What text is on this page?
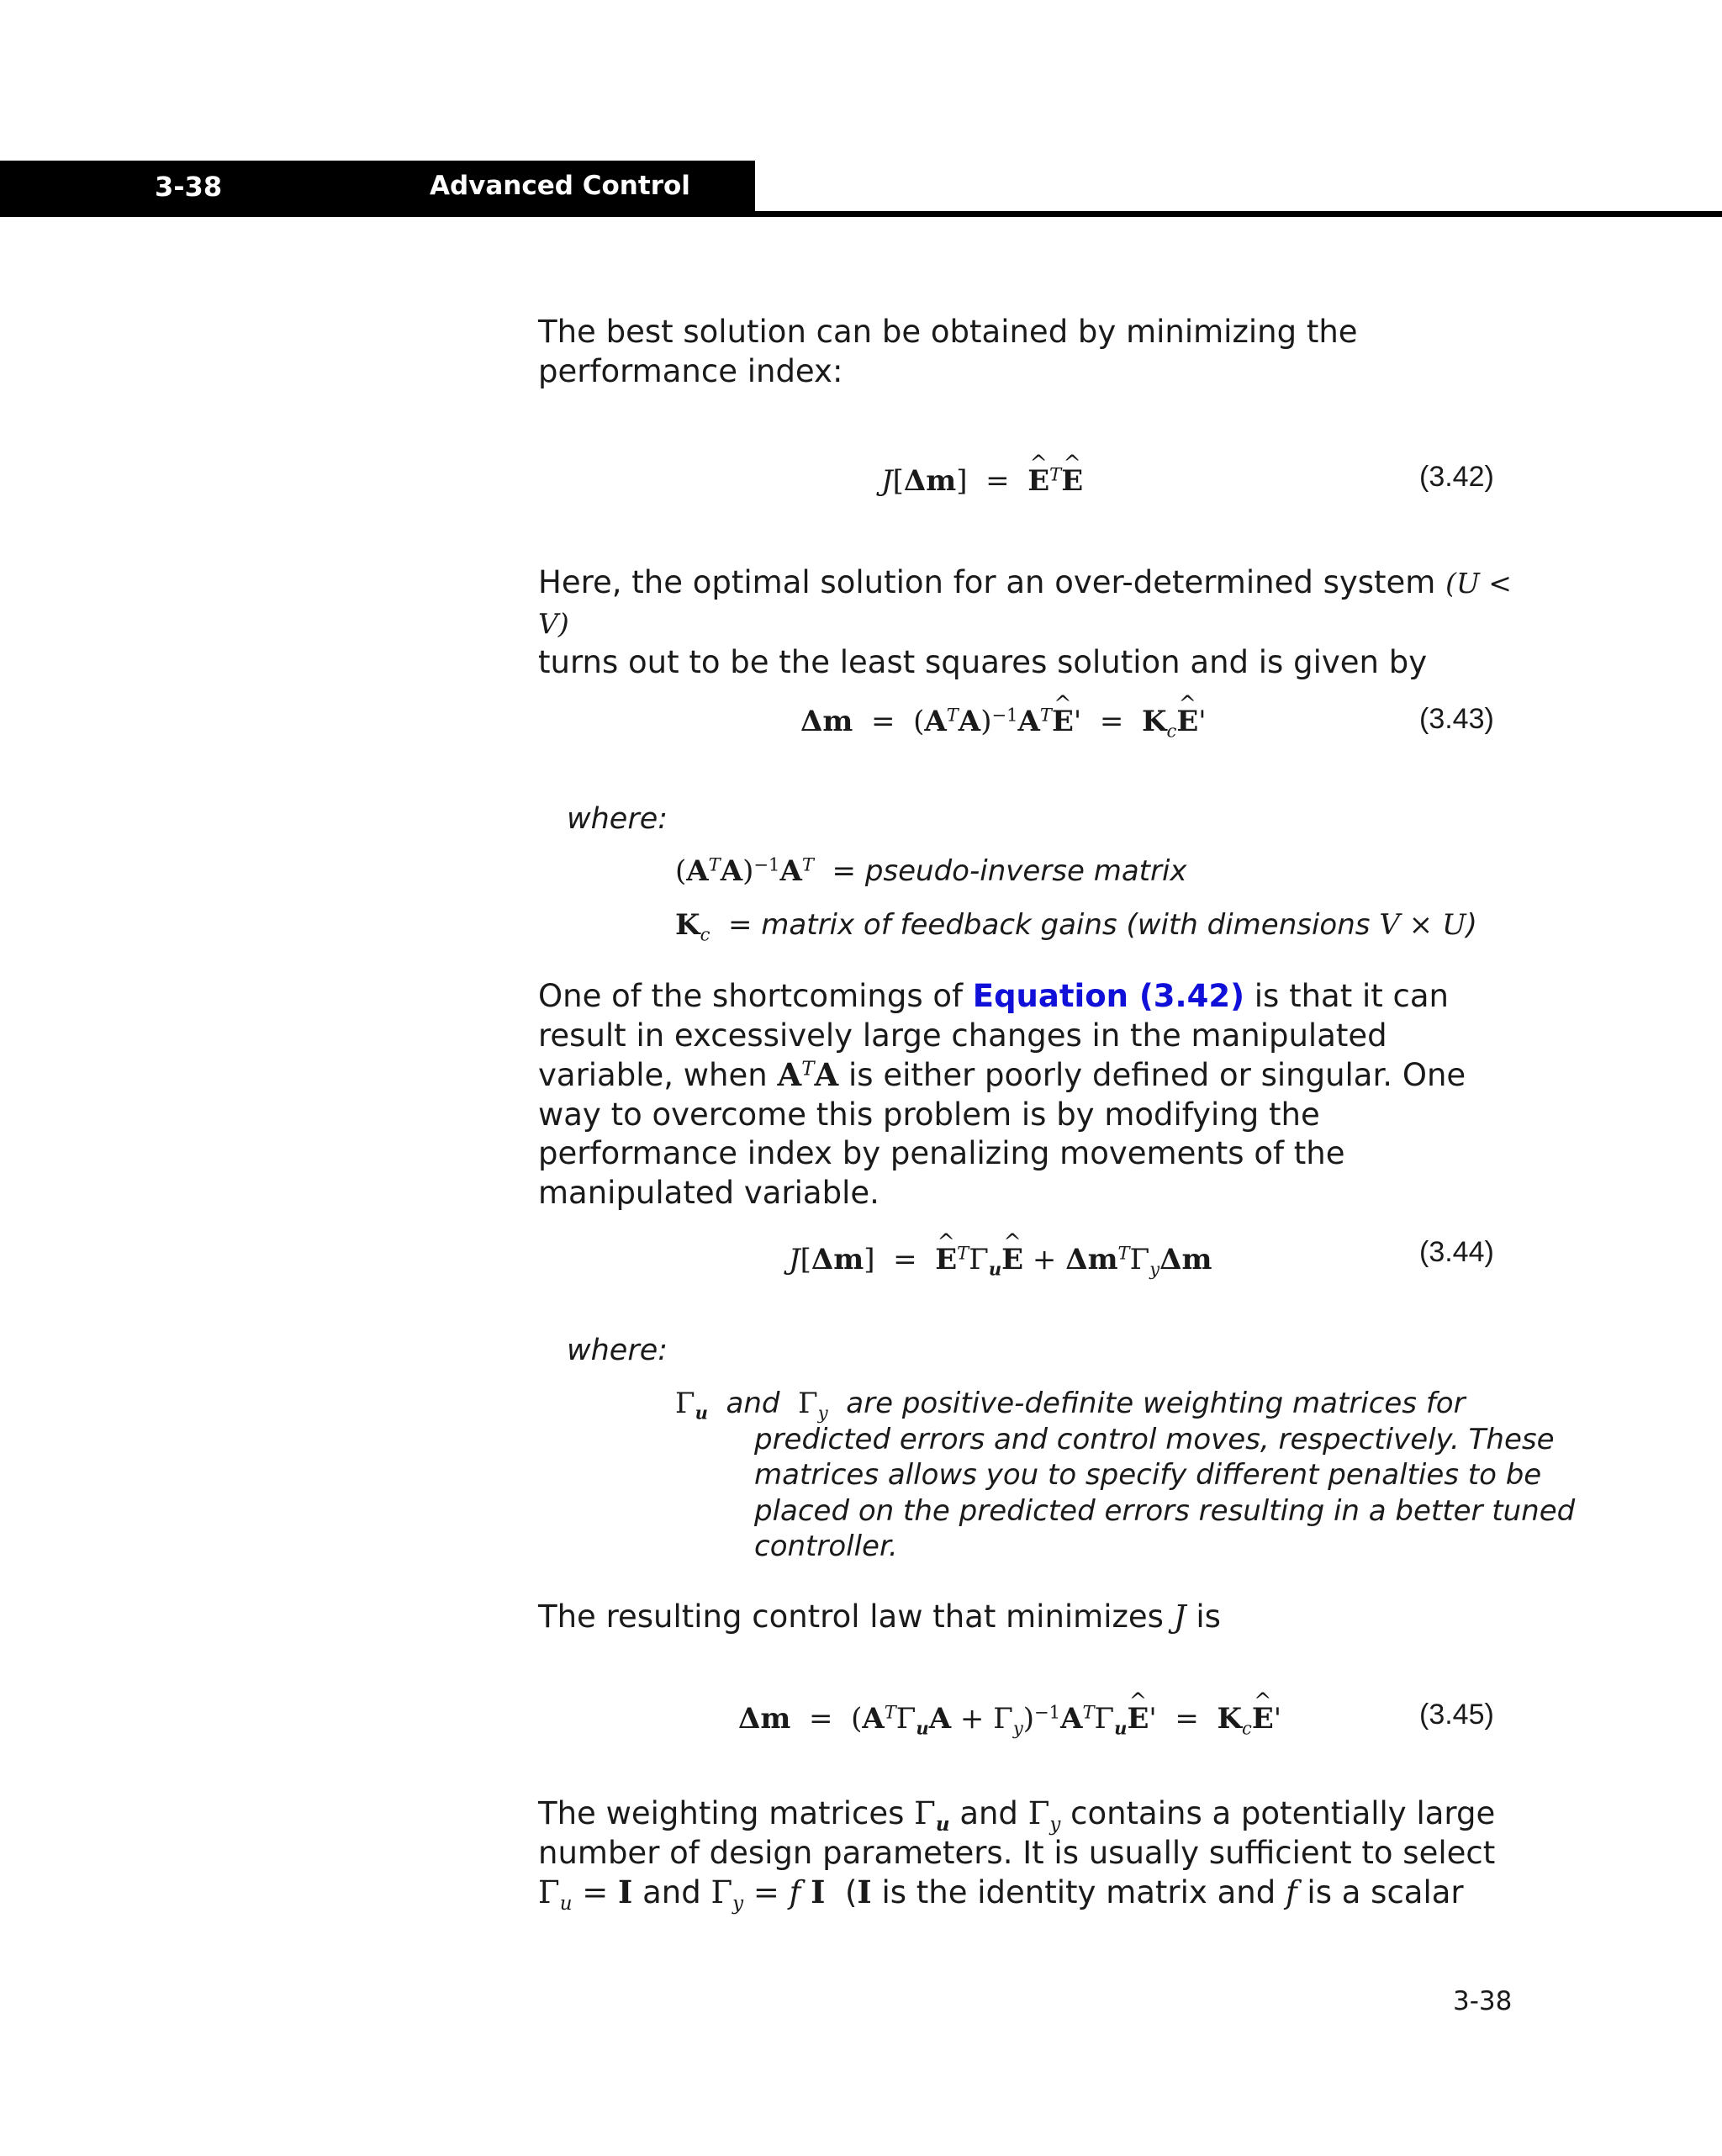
3-38	Advanced Control

The best solution can be obtained by minimizing the performance index:

J[Δm]  =  ^ $E^T\^{}$ E	(3.42)

Here, the optimal solution for an over-determined system (U < V)
turns out to be the least squares solution and is given by

$\Delta m = (A^TA)^{-1}A^T\^{}$ $E' = K_c\^{}$ E'	(3.43)
where:
$(A^TA)^{-1}A^T$ = pseudo-inverse matrix
$K_c$ = matrix of feedback gains (with dimensions V × U)

One of the shortcomings of Equation (3.42) is that it can result in excessively large changes in the manipulated variable, when $A^TA$ is either poorly defined or singular. One way to overcome this problem is by modifying the performance index by penalizing movements of the manipulated variable.

J[Δm]  =  ^ $E^T\Gamma_u\^{}$ $E + \Delta m^T\Gamma_y\Delta m$	(3.44)
where:

$\Gamma_u$ and $\Gamma_y$ are positive-definite weighting matrices for predicted errors and control moves, respectively. These matrices allows you to specify different penalties to be placed on the predicted errors resulting in a better tuned controller.

The resulting control law that minimizes J is

$\Delta m = (A^T\Gamma_uA$ + $\Gamma_y)^{-1}A^T\Gamma_u\^{}$ $E' = K_c\^{}$ E'	(3.45)

The weighting matrices $\Gamma_u$ and $\Gamma_y$ contains a potentially large number of design parameters. It is usually sufficient to select $\Gamma_u = I$ and $\Gamma_y = f$ I  (I is the identity matrix and f is a scalar

3-38
